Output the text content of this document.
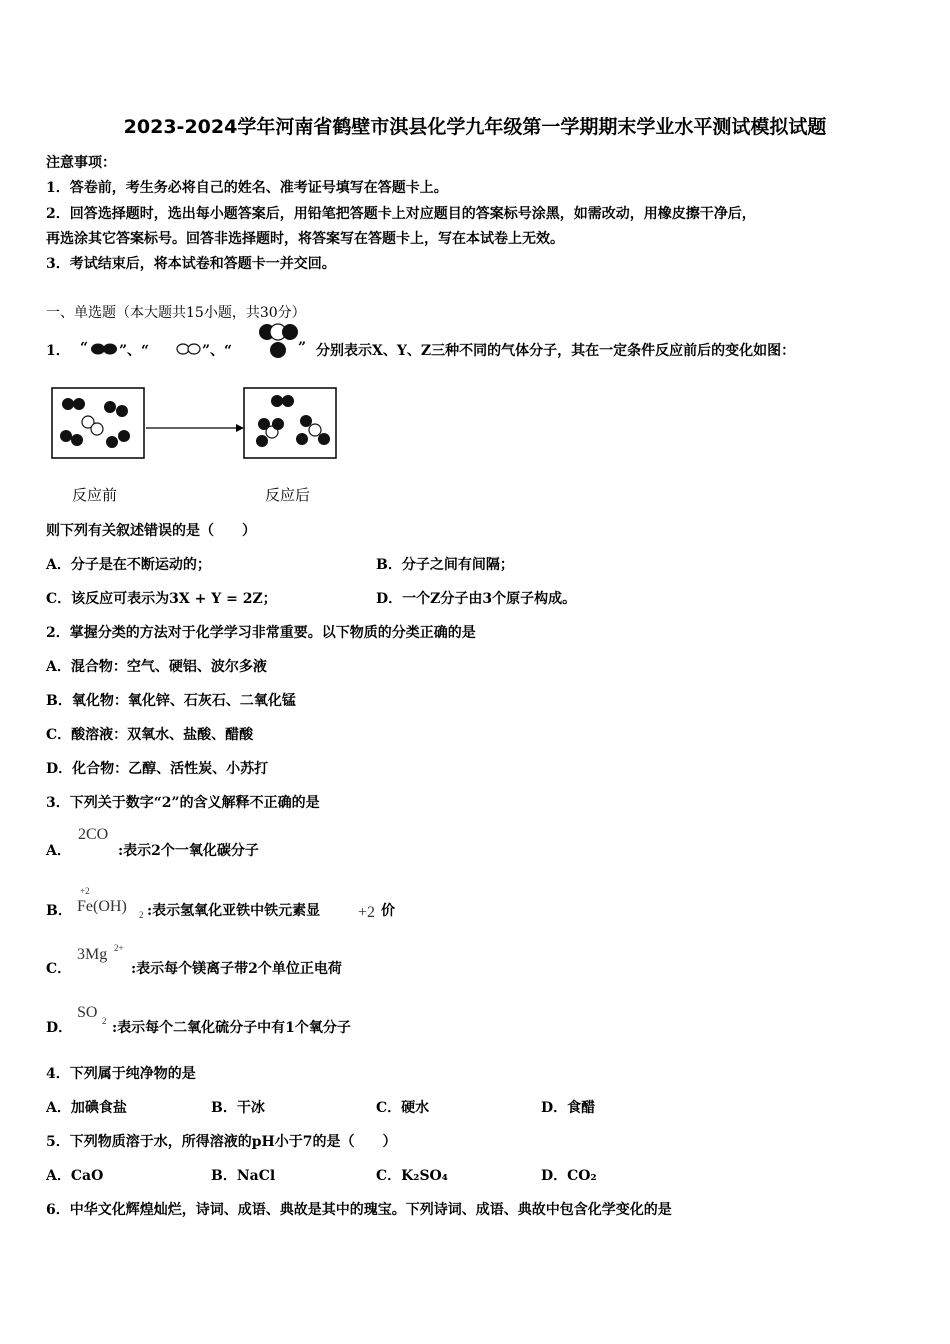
2023-2024学年河南省鹤壁市淇县化学九年级第一学期期末学业水平测试模拟试题
注意事项：
1．答卷前，考生务必将自己的姓名、准考证号填写在答题卡上。
2．回答选择题时，选出每小题答案后，用铅笔把答题卡上对应题目的答案标号涂黑，如需改动，用橡皮擦干净后，
再选涂其它答案标号。回答非选择题时，将答案写在答题卡上，写在本试卷上无效。
3．考试结束后，将本试卷和答题卡一并交回。
一、单选题（本大题共15小题，共30分）
1． “ ”、“	”、“	” 分别表示X、Y、Z三种不同的气体分子，其在一定条件反应前后的变化如图：
反应前	反应后
则下列有关叙述错误的是（　　）
A．分子是在不断运动的；	B．分子之间有间隔；
C．该反应可表示为3X + Y = 2Z；	D．一个Z分子由3个原子构成。
2．掌握分类的方法对于化学学习非常重要。以下物质的分类正确的是
A．混合物：空气、硬铝、波尔多液
B．氧化物：氧化锌、石灰石、二氧化锰
C．酸溶液：双氧水、盐酸、醋酸
D．化合物：乙醇、活性炭、小苏打
3．下列关于数字“2”的含义解释不正确的是
A．
2CO
:表示2个一氧化碳分子
B．
+2
Fe(OH) 2 :表示氢氧化亚铁中铁元素显 +2 价
C．
3Mg 2+
:表示每个镁离子带2个单位正电荷
D．
SO 2 :表示每个二氧化硫分子中有1个氧分子
4．下列属于纯净物的是
A．加碘食盐	B．干冰	C．硬水	D．食醋
5．下列物质溶于水，所得溶液的pH小于7的是（　　）
A．CaO	B．NaCl	C．K₂SO₄	D．CO₂
6．中华文化辉煌灿烂，诗词、成语、典故是其中的瑰宝。下列诗词、成语、典故中包含化学变化的是
